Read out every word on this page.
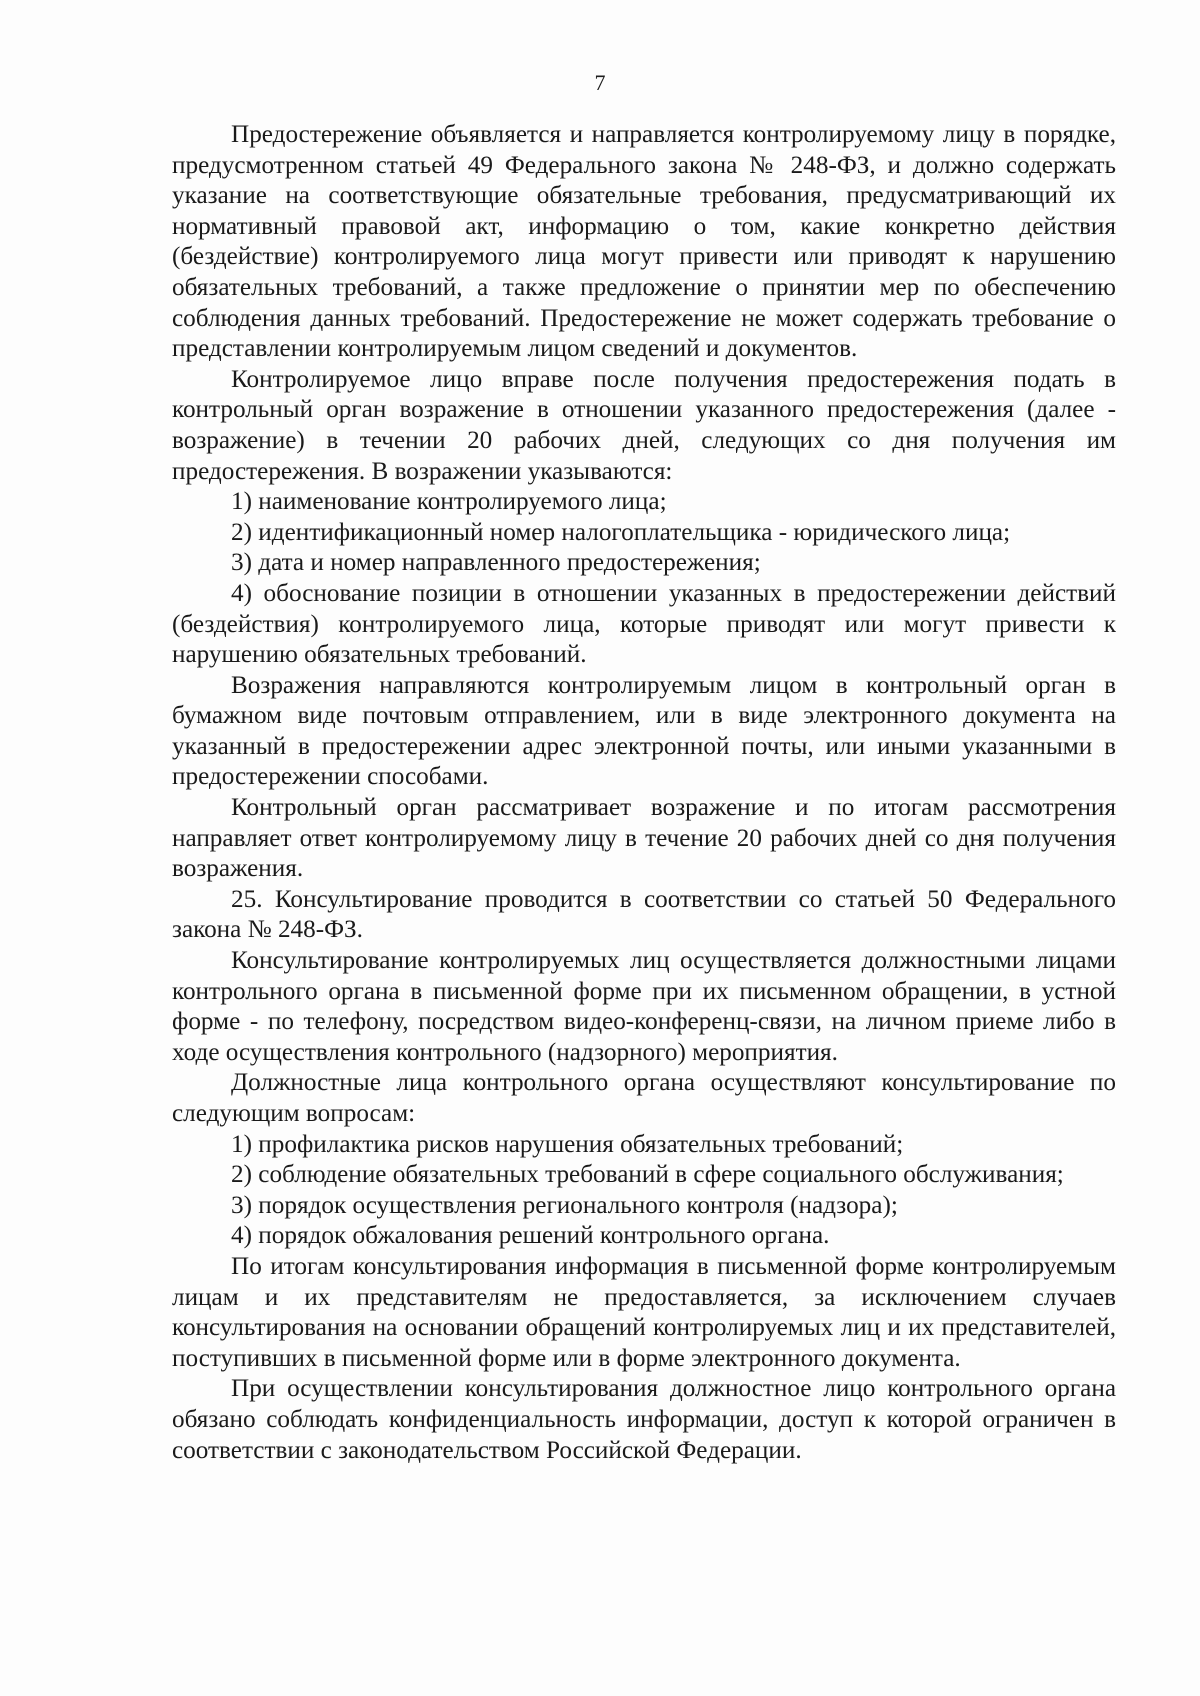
7

Предостережение объявляется и направляется контролируемому лицу в порядке, предусмотренном статьей 49 Федерального закона № 248-ФЗ, и должно содержать указание на соответствующие обязательные требования, предусматривающий их нормативный правовой акт, информацию о том, какие конкретно действия (бездействие) контролируемого лица могут привести или приводят к нарушению обязательных требований, а также предложение о принятии мер по обеспечению соблюдения данных требований. Предостережение не может содержать требование о представлении контролируемым лицом сведений и документов.

Контролируемое лицо вправе после получения предостережения подать в контрольный орган возражение в отношении указанного предостережения (далее - возражение) в течении 20 рабочих дней, следующих со дня получения им предостережения. В возражении указываются:

1) наименование контролируемого лица;

2) идентификационный номер налогоплательщика - юридического лица;

3) дата и номер направленного предостережения;

4) обоснование позиции в отношении указанных в предостережении действий (бездействия) контролируемого лица, которые приводят или могут привести к нарушению обязательных требований.

Возражения направляются контролируемым лицом в контрольный орган в бумажном виде почтовым отправлением, или в виде электронного документа на указанный в предостережении адрес электронной почты, или иными указанными в предостережении способами.

Контрольный орган рассматривает возражение и по итогам рассмотрения направляет ответ контролируемому лицу в течение 20 рабочих дней со дня получения возражения.

25. Консультирование проводится в соответствии со статьей 50 Федерального закона № 248-ФЗ.

Консультирование контролируемых лиц осуществляется должностными лицами контрольного органа в письменной форме при их письменном обращении, в устной форме - по телефону, посредством видео-конференц-связи, на личном приеме либо в ходе осуществления контрольного (надзорного) мероприятия.

Должностные лица контрольного органа осуществляют консультирование по следующим вопросам:

1) профилактика рисков нарушения обязательных требований;

2) соблюдение обязательных требований в сфере социального обслуживания;

3) порядок осуществления регионального контроля (надзора);

4) порядок обжалования решений контрольного органа.

По итогам консультирования информация в письменной форме контролируемым лицам и их представителям не предоставляется, за исключением случаев консультирования на основании обращений контролируемых лиц и их представителей, поступивших в письменной форме или в форме электронного документа.

При осуществлении консультирования должностное лицо контрольного органа обязано соблюдать конфиденциальность информации, доступ к которой ограничен в соответствии с законодательством Российской Федерации.
